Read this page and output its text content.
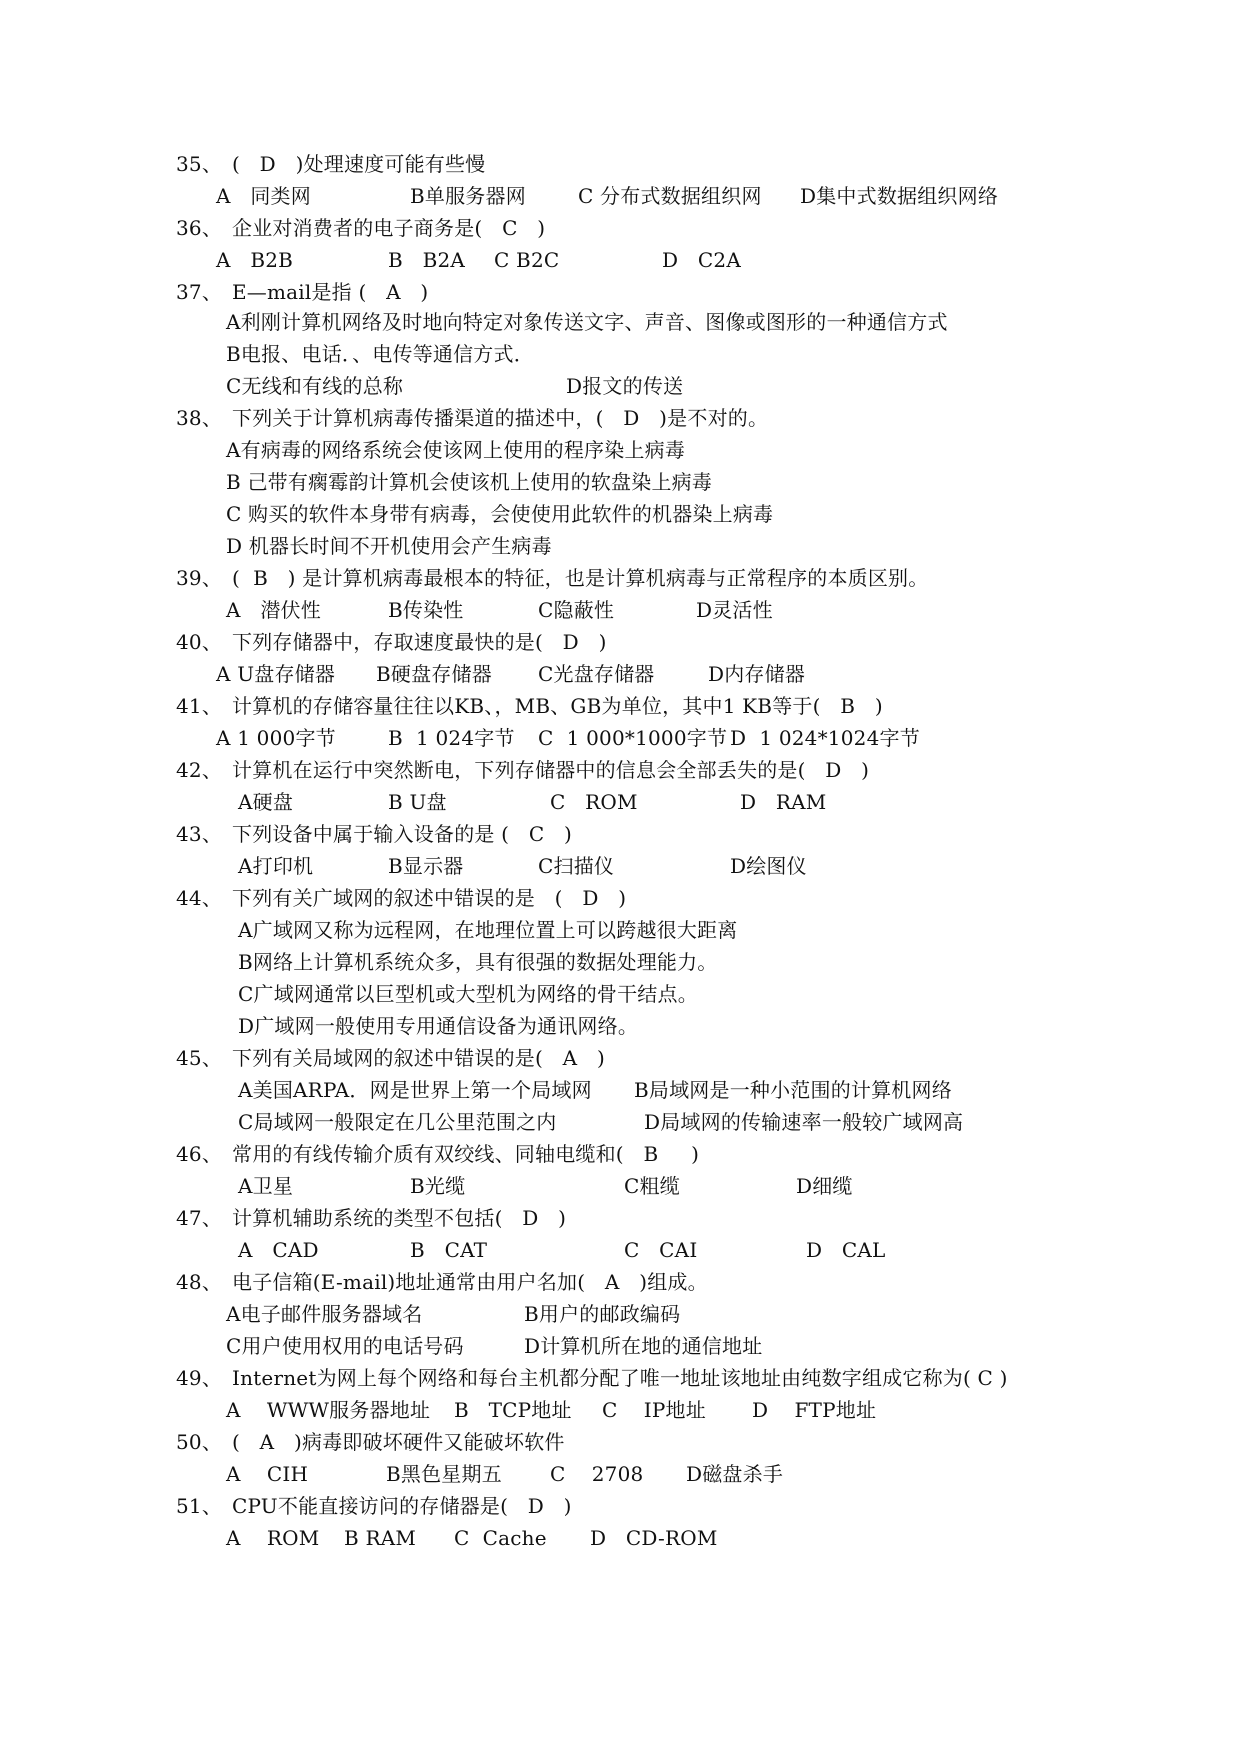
35、 (   D   )处理速度可能有些慢
A   同类网	B单服务器网	C 分布式数据组织网 D集中式数据组织网络
36、 企业对消费者的电子商务是(   C   )
A   B2B	B   B2A C B2C	D   C2A
37、 E—mail是指 (   A   )
A利刚计算机网络及时地向特定对象传送文字、声音、图像或图形的一种通信方式
B电报、电话．、电传等通信方式．
C无线和有线的总称	D报文的传送
38、 下列关于计算机病毒传播渠道的描述中，(   D   )是不对的。
A有病毒的网络系统会使该网上使用的程序染上病毒
B 己带有瘸霉韵计算机会使该机上使用的软盘染上病毒
C 购买的软件本身带有病毒，会使使用此软件的机器染上病毒
D 机器长时间不开机使用会产生病毒
39、 (  B   ) 是计算机病毒最根本的特征，也是计算机病毒与正常程序的本质区别。
A   潜伏性	B传染性	C隐蔽性	D灵活性
40、 下列存储器中，存取速度最快的是(   D   )
A U盘存储器 B硬盘存储器 C光盘存储器	D内存储器
41、 计算机的存储容量往往以KB、，MB、GB为单位，其中1 KB等于(   B   )
A 1 000字节	B  1 024字节 C  1 000*1000字节 D  1 024*1024字节
42、 计算机在运行中突然断电，下列存储器中的信息会全部丢失的是(   D   )
A硬盘	B U盘	C   ROM	D   RAM
43、 下列设备中属于输入设备的是 (   C   )
A打印机	B显示器	C扫描仪	D绘图仪
44、 下列有关广域网的叙述中错误的是   (   D   )
A广域网又称为远程网，在地理位置上可以跨越很大距离
B网络上计算机系统众多，具有很强的数据处理能力。
C广域网通常以巨型机或大型机为网络的骨干结点。
D广域网一般使用专用通信设备为通讯网络。
45、 下列有关局域网的叙述中错误的是(   A   )
A美国ARPA．网是世界上第一个局域网 B局域网是一种小范围的计算机网络
C局域网一般限定在几公里范围之内	D局域网的传输速率一般较广域网高
46、 常用的有线传输介质有双绞线、同轴电缆和(   B     )
A卫星	B光缆	C粗缆	D细缆
47、 计算机辅助系统的类型不包括(   D   )
A   CAD	B   CAT	C   CAI	D   CAL
48、 电子信箱(E-mail)地址通常由用户名加(   A   )组成。
A电子邮件服务器域名	B用户的邮政编码
C用户使用权用的电话号码	D计算机所在地的通信地址
49、 Internet为网上每个网络和每台主机都分配了唯一地址该地址由纯数字组成它称为( C )
A    WWW服务器地址 B   TCP地址 C    IP地址 D    FTP地址
50、 (   A   )病毒即破坏硬件又能破坏软件
A    CIH	B黑色星期五 C    2708 D磁盘杀手
51、 CPU不能直接访问的存储器是(   D   )
A    ROM B RAM C  Cache D   CD-ROM
